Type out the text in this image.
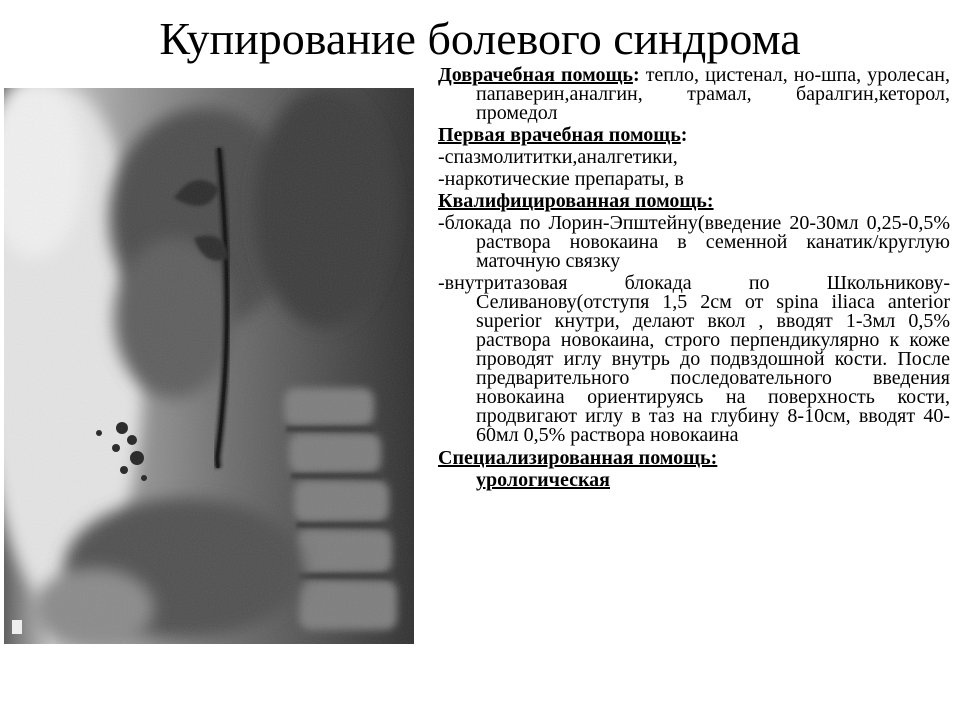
Купирование болевого синдрома

Доврачебная помощь: тепло, цистенал, но-шпа, уролесан, папаверин,аналгин, трамал, баралгин,кеторол, промедол

Первая врачебная помощь:

-спазмолититки,аналгетики,

-наркотические препараты, в

Квалифицированная помощь:

-блокада по Лорин-Эпштейну(введение 20-30мл 0,25-0,5% раствора новокаина в семенной канатик/круглую маточную связку

-внутритазовая блокада по Школьникову-Селиванову(отступя 1,5 2см от spina iliaca anterior superior кнутри, делают вкол , вводят 1-3мл 0,5% раствора новокаина, строго перпендикулярно к коже проводят иглу внутрь до подвздошной кости. После предварительного последовательного введения новокаина ориентируясь на поверхность кости, продвигают иглу в таз на глубину 8-10см, вводят 40-60мл 0,5% раствора новокаина

Специализированная помощь:

урологическая
